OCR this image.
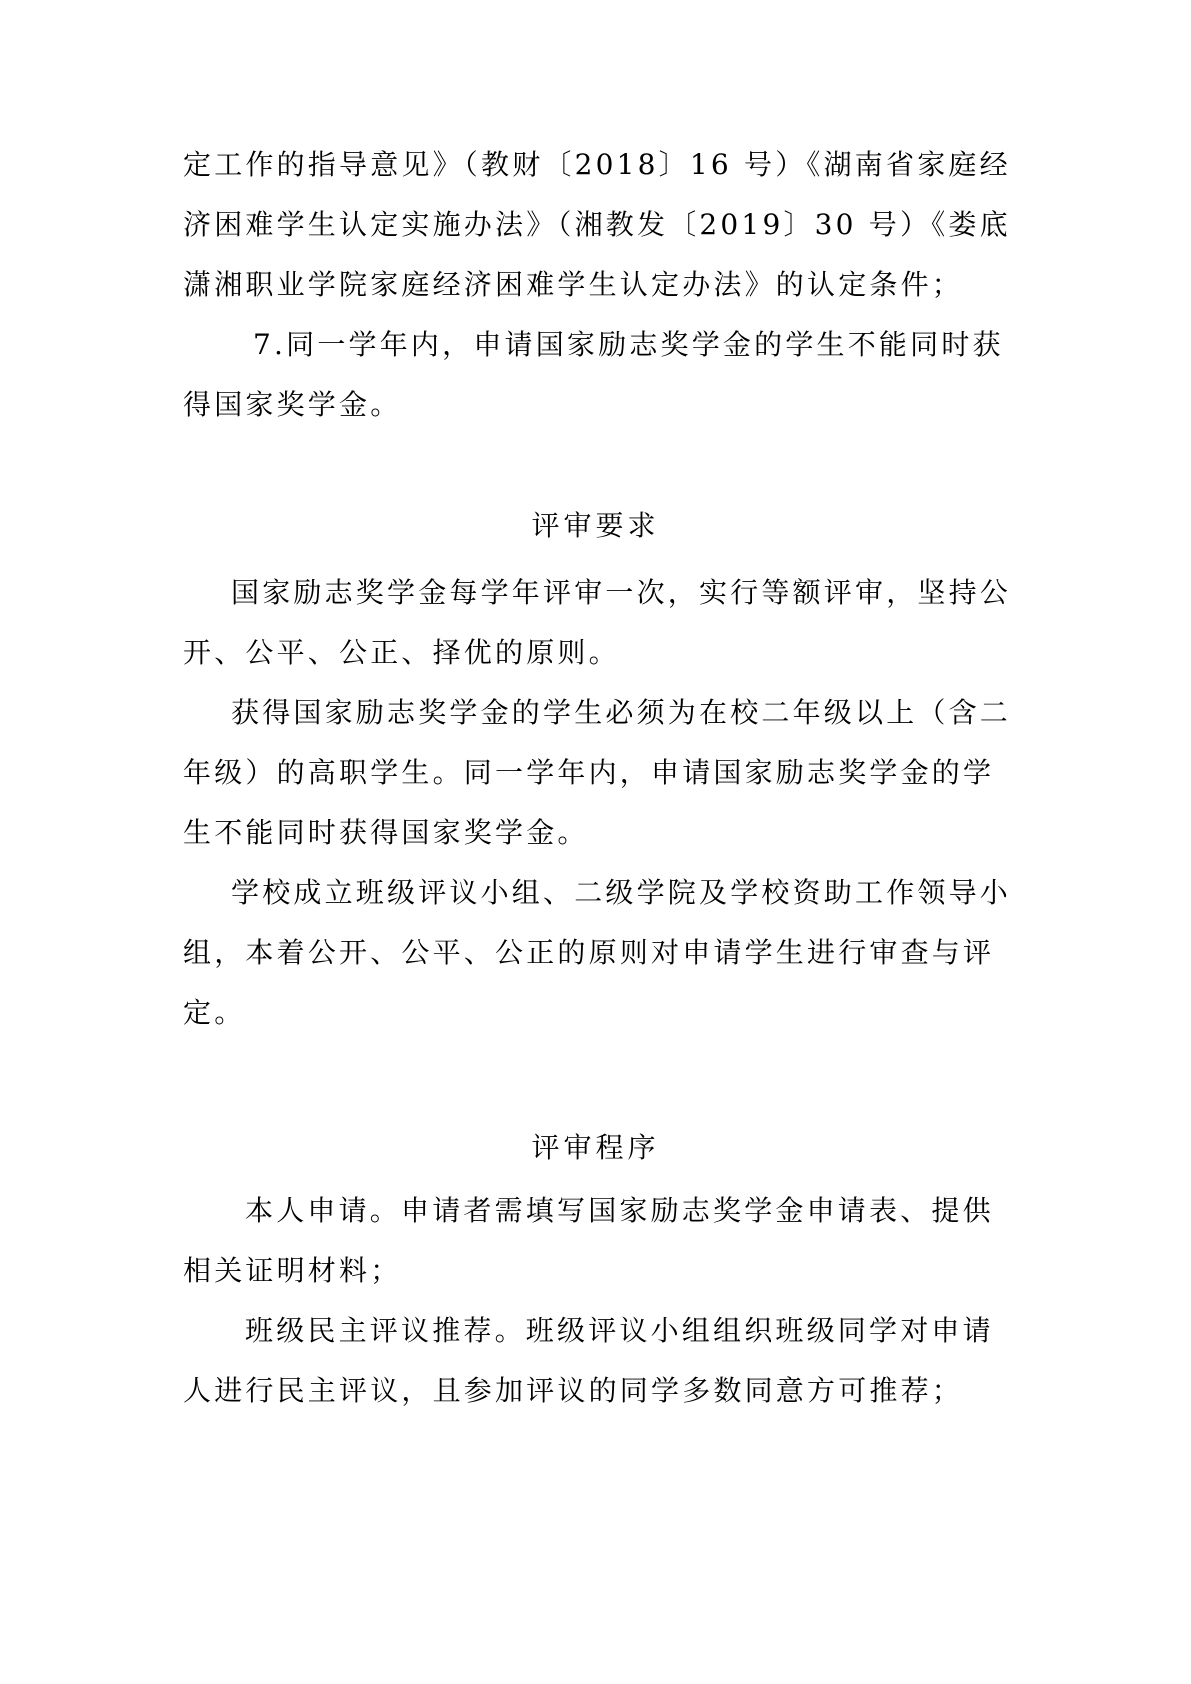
定工作的指导意见》（教财〔2018〕16 号）《湖南省家庭经
济困难学生认定实施办法》（湘教发〔2019〕30 号）《娄底
潇湘职业学院家庭经济困难学生认定办法》的认定条件；
7.同一学年内，申请国家励志奖学金的学生不能同时获
得国家奖学金。
评审要求
国家励志奖学金每学年评审一次，实行等额评审，坚持公
开、公平、公正、择优的原则。
获得国家励志奖学金的学生必须为在校二年级以上（含二
年级）的高职学生。同一学年内，申请国家励志奖学金的学
生不能同时获得国家奖学金。
学校成立班级评议小组、二级学院及学校资助工作领导小
组，本着公开、公平、公正的原则对申请学生进行审查与评
定。
评审程序
本人申请。申请者需填写国家励志奖学金申请表、提供
相关证明材料；
班级民主评议推荐。班级评议小组组织班级同学对申请
人进行民主评议，且参加评议的同学多数同意方可推荐；
